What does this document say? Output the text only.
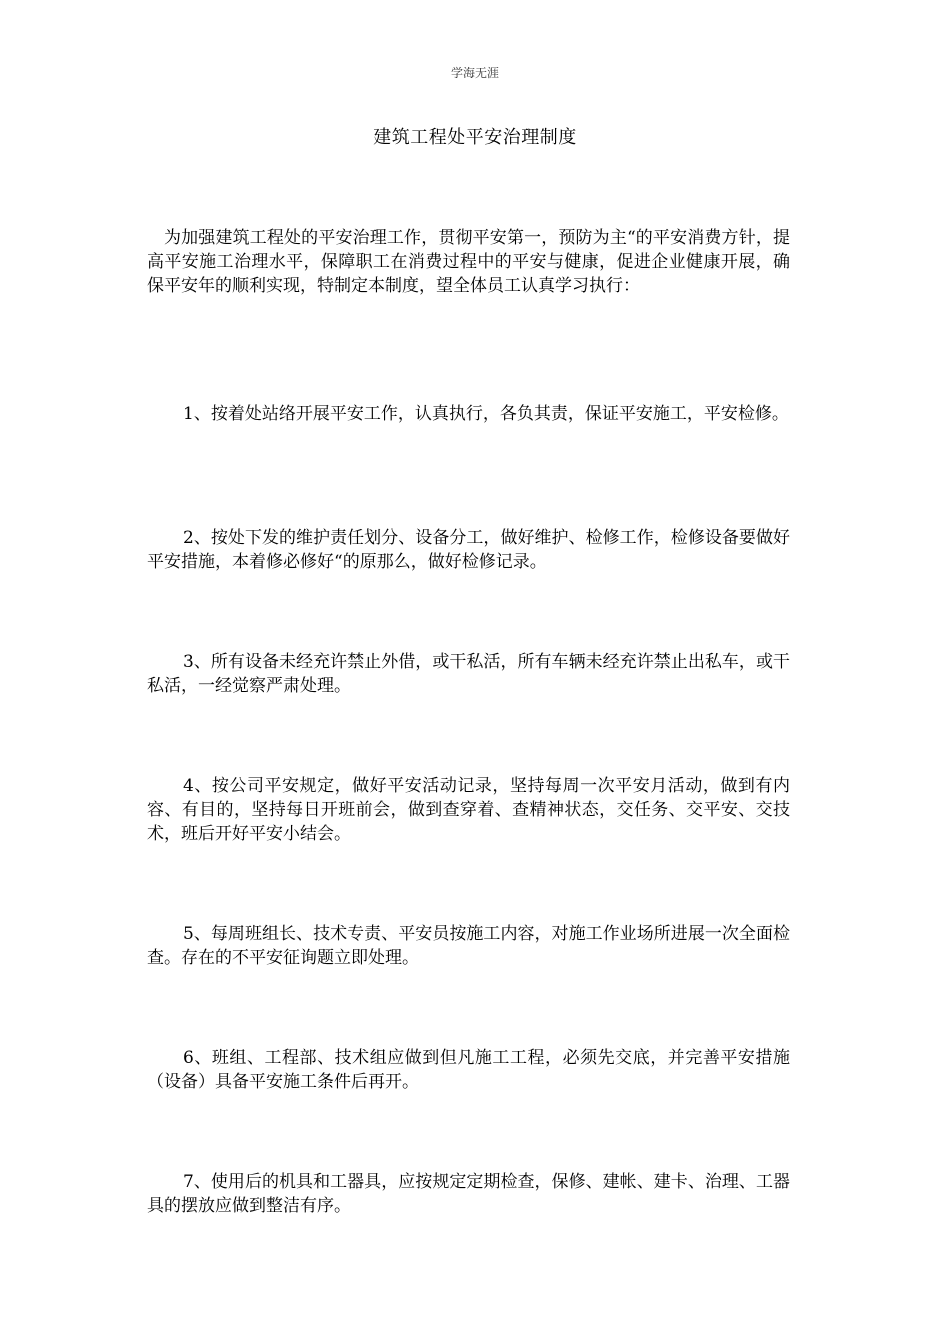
学海无涯
建筑工程处平安治理制度

为加强建筑工程处的平安治理工作，贯彻平安第一，预防为主“的平安消费方针，提高平安施工治理水平，保障职工在消费过程中的平安与健康，促进企业健康开展，确保平安年的顺利实现，特制定本制度，望全体员工认真学习执行：

1、按着处站络开展平安工作，认真执行，各负其责，保证平安施工，平安检修。

2、按处下发的维护责任划分、设备分工，做好维护、检修工作，检修设备要做好平安措施，本着修必修好“的原那么，做好检修记录。

3、所有设备未经充许禁止外借，或干私活，所有车辆未经充许禁止出私车，或干私活，一经觉察严肃处理。

4、按公司平安规定，做好平安活动记录，坚持每周一次平安月活动，做到有内容、有目的，坚持每日开班前会，做到查穿着、查精神状态，交任务、交平安、交技术，班后开好平安小结会。

5、每周班组长、技术专责、平安员按施工内容，对施工作业场所进展一次全面检查。存在的不平安征询题立即处理。

6、班组、工程部、技术组应做到但凡施工工程，必须先交底，并完善平安措施（设备）具备平安施工条件后再开。

7、使用后的机具和工器具，应按规定定期检查，保修、建帐、建卡、治理、工器具的摆放应做到整洁有序。
